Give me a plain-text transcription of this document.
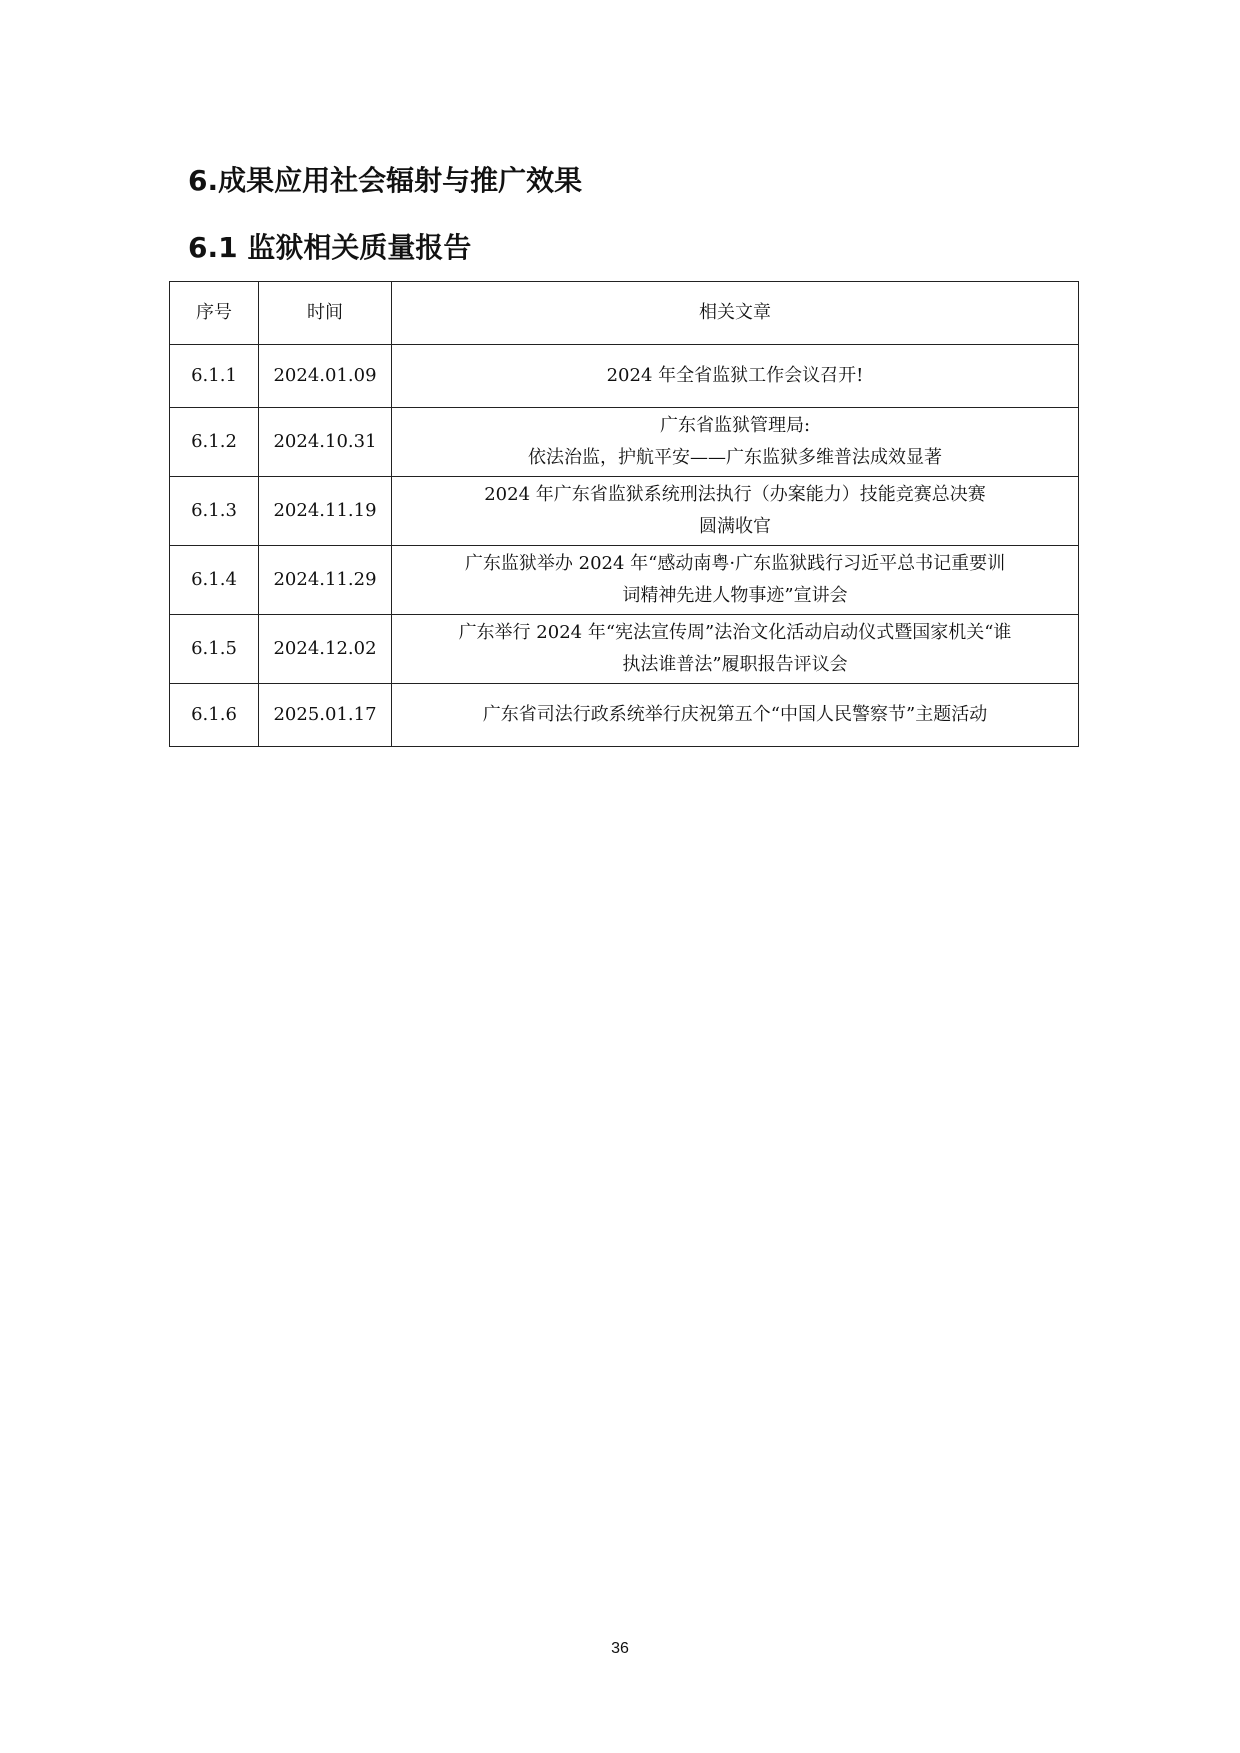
6.成果应用社会辐射与推广效果
6.1 监狱相关质量报告
序号	时间	相关文章
6.1.1	2024.01.09	2024 年全省监狱工作会议召开!

6.1.2	2024.10.31	广东省监狱管理局:
依法治监，护航平安——广东监狱多维普法成效显著

6.1.3	2024.11.19	2024 年广东省监狱系统刑法执行（办案能力）技能竞赛总决赛
圆满收官

6.1.4	2024.11.29	广东监狱举办 2024 年“感动南粤·广东监狱践行习近平总书记重要训
词精神先进人物事迹”宣讲会

6.1.5	2024.12.02	广东举行 2024 年“宪法宣传周”法治文化活动启动仪式暨国家机关“谁
执法谁普法”履职报告评议会

6.1.6	2025.01.17	广东省司法行政系统举行庆祝第五个“中国人民警察节”主题活动
36
